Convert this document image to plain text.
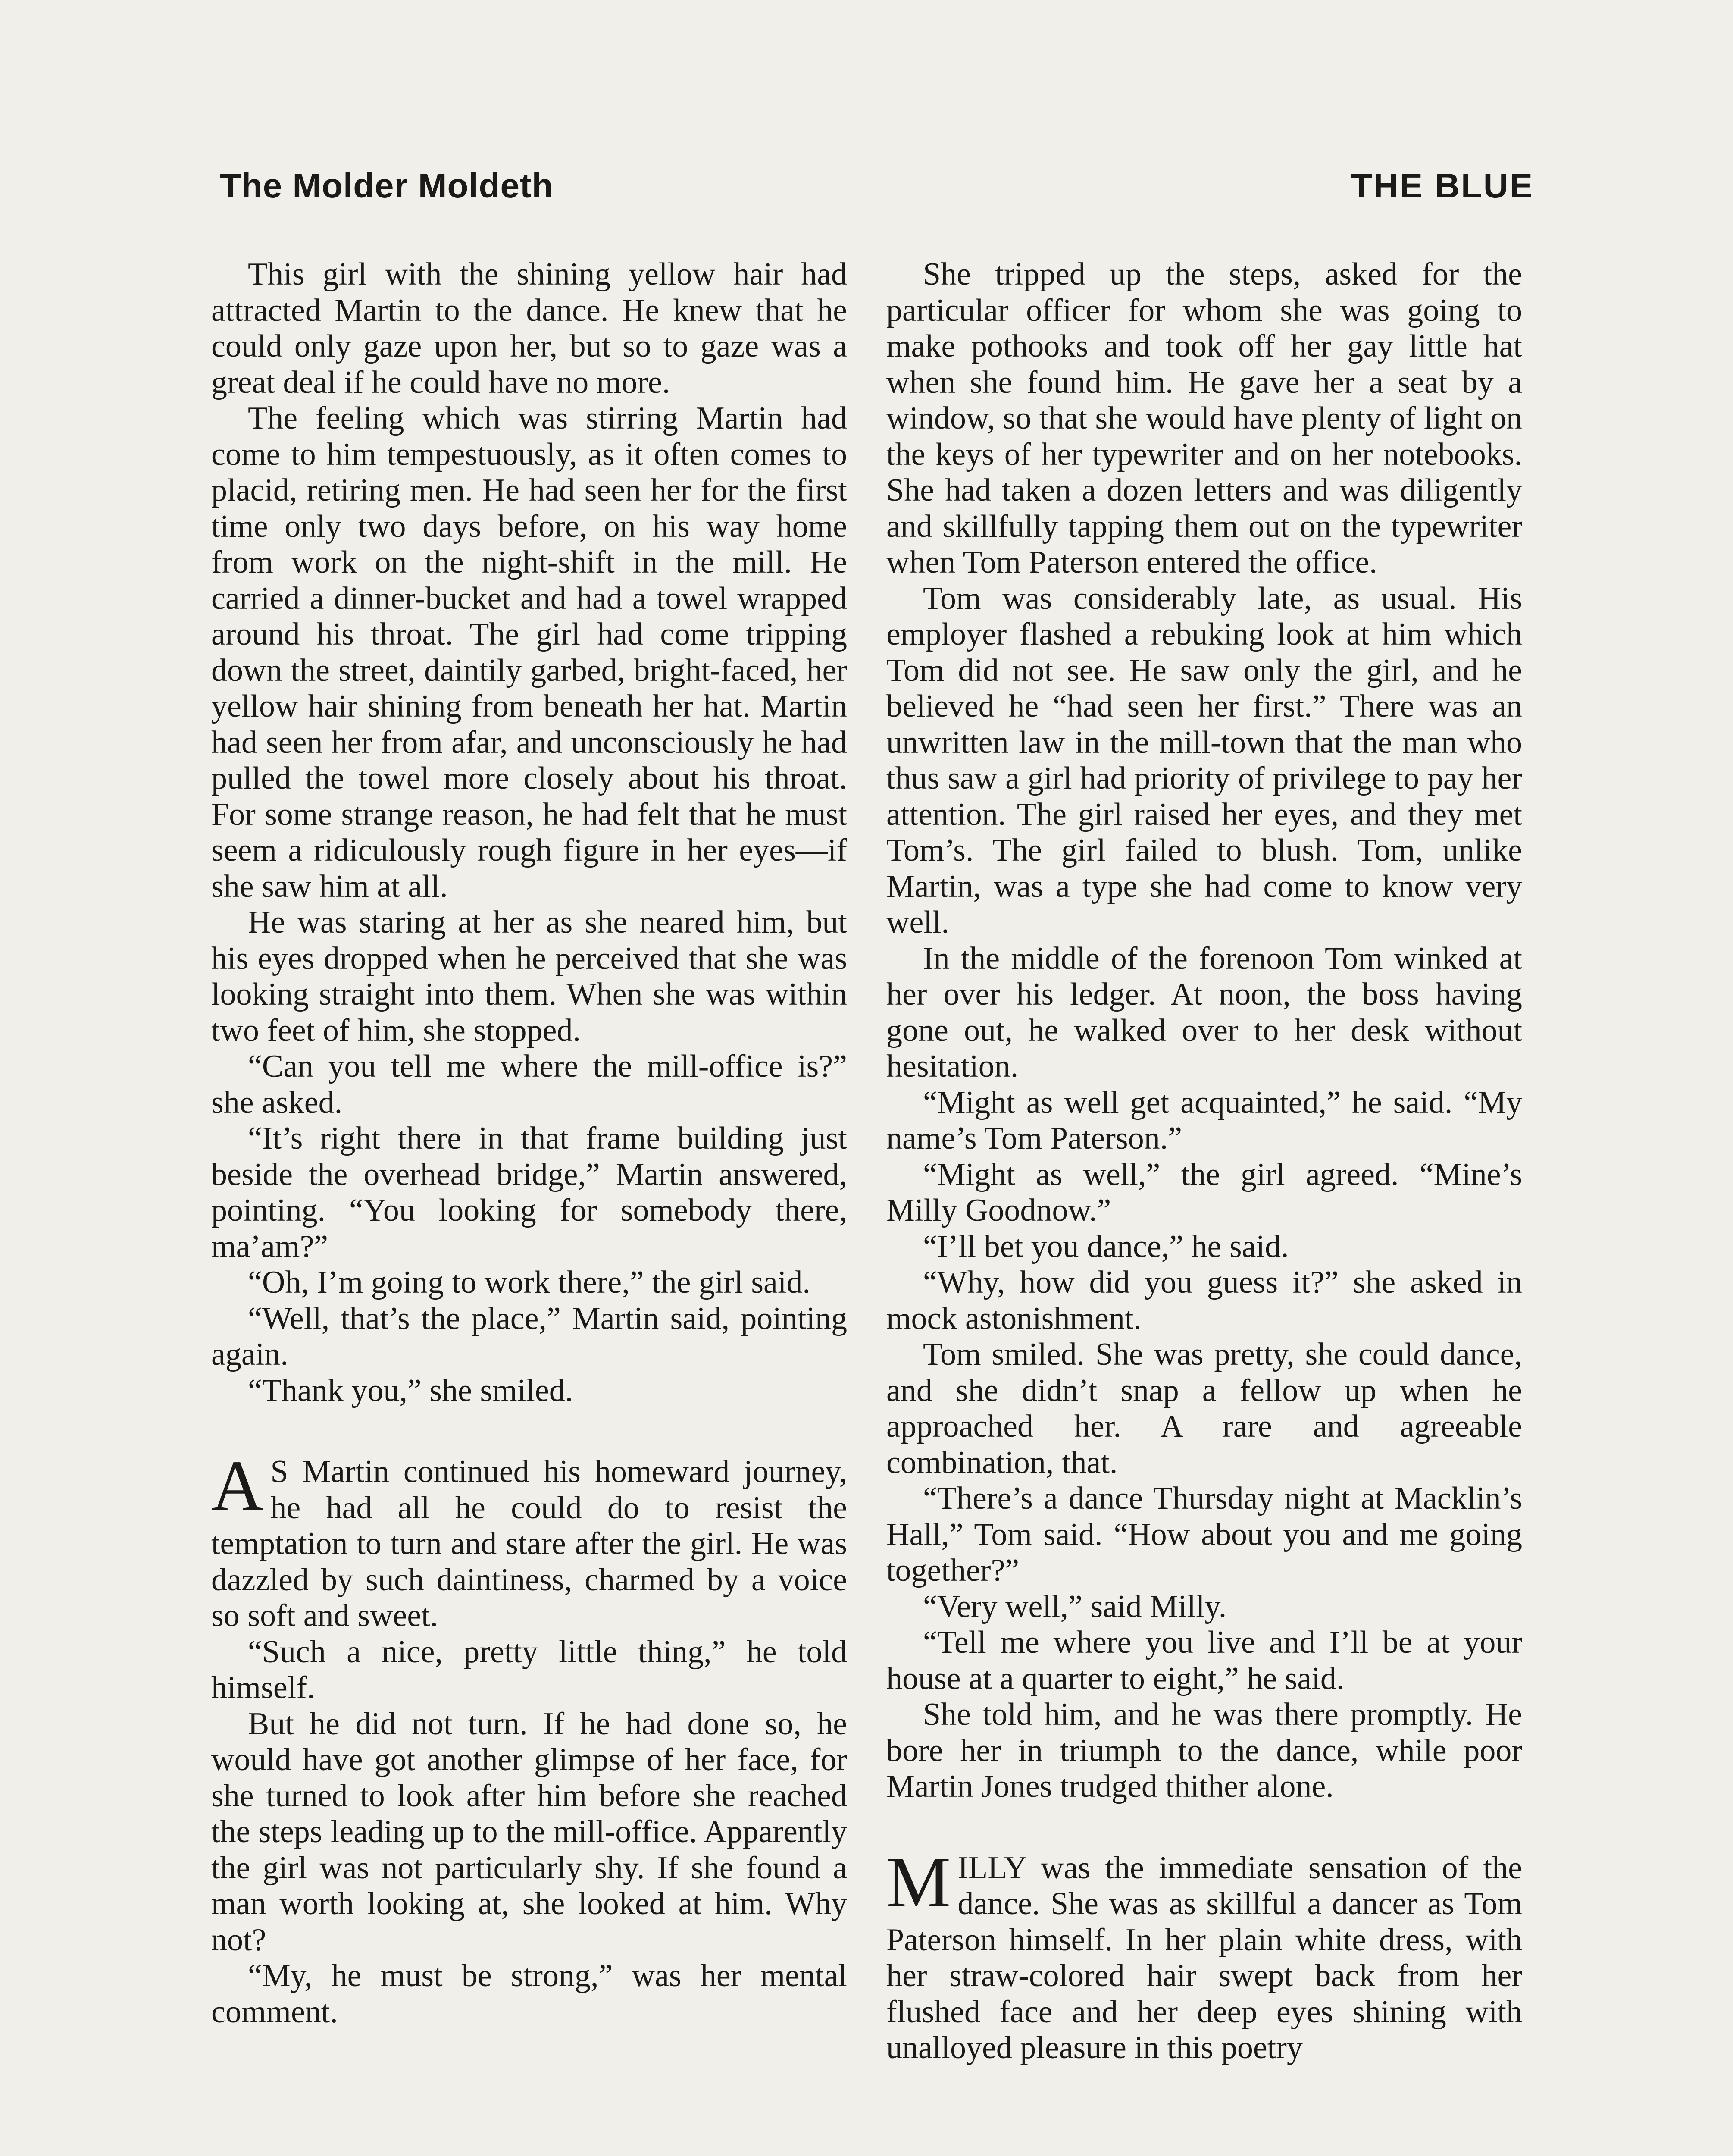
The Molder Moldeth	THE BLUE

This girl with the shining yellow hair had attracted Martin to the dance. He knew that he could only gaze upon her, but so to gaze was a great deal if he could have no more.

The feeling which was stirring Martin had come to him tempestuously, as it often comes to placid, retiring men. He had seen her for the first time only two days before, on his way home from work on the night-shift in the mill. He carried a dinner-bucket and had a towel wrapped around his throat. The girl had come tripping down the street, daintily garbed, bright-faced, her yellow hair shining from beneath her hat. Martin had seen her from afar, and unconsciously he had pulled the towel more closely about his throat. For some strange reason, he had felt that he must seem a ridiculously rough figure in her eyes—if she saw him at all.

He was staring at her as she neared him, but his eyes dropped when he perceived that she was looking straight into them. When she was within two feet of him, she stopped.

“Can you tell me where the mill-office is?” she asked.

“It’s right there in that frame building just beside the overhead bridge,” Martin answered, pointing. “You looking for somebody there, ma’am?”

“Oh, I’m going to work there,” the girl said.

“Well, that’s the place,” Martin said, pointing again.

“Thank you,” she smiled.

A S Martin continued his homeward journey, he had all he could do to resist the temptation to turn and stare after the girl. He was dazzled by such daintiness, charmed by a voice so soft and sweet.

“Such a nice, pretty little thing,” he told himself.

But he did not turn. If he had done so, he would have got another glimpse of her face, for she turned to look after him before she reached the steps leading up to the mill-office. Apparently the girl was not particularly shy. If she found a man worth looking at, she looked at him. Why not?

“My, he must be strong,” was her mental comment.

She tripped up the steps, asked for the particular officer for whom she was going to make pothooks and took off her gay little hat when she found him. He gave her a seat by a window, so that she would have plenty of light on the keys of her typewriter and on her notebooks. She had taken a dozen letters and was diligently and skillfully tapping them out on the typewriter when Tom Paterson entered the office.

Tom was considerably late, as usual. His employer flashed a rebuking look at him which Tom did not see. He saw only the girl, and he believed he “had seen her first.” There was an unwritten law in the mill-town that the man who thus saw a girl had priority of privilege to pay her attention. The girl raised her eyes, and they met Tom’s. The girl failed to blush. Tom, unlike Martin, was a type she had come to know very well.

In the middle of the forenoon Tom winked at her over his ledger. At noon, the boss having gone out, he walked over to her desk without hesitation.

“Might as well get acquainted,” he said. “My name’s Tom Paterson.”

“Might as well,” the girl agreed. “Mine’s Milly Goodnow.”

“I’ll bet you dance,” he said.

“Why, how did you guess it?” she asked in mock astonishment.

Tom smiled. She was pretty, she could dance, and she didn’t snap a fellow up when he approached her. A rare and agreeable combination, that.

“There’s a dance Thursday night at Macklin’s Hall,” Tom said. “How about you and me going together?”

“Very well,” said Milly.

“Tell me where you live and I’ll be at your house at a quarter to eight,” he said.

She told him, and he was there promptly. He bore her in triumph to the dance, while poor Martin Jones trudged thither alone.

MILLY was the immediate sensation of the dance. She was as skillful a dancer as Tom Paterson himself. In her plain white dress, with her straw-colored hair swept back from her flushed face and her deep eyes shining with unalloyed pleasure in this poetry
